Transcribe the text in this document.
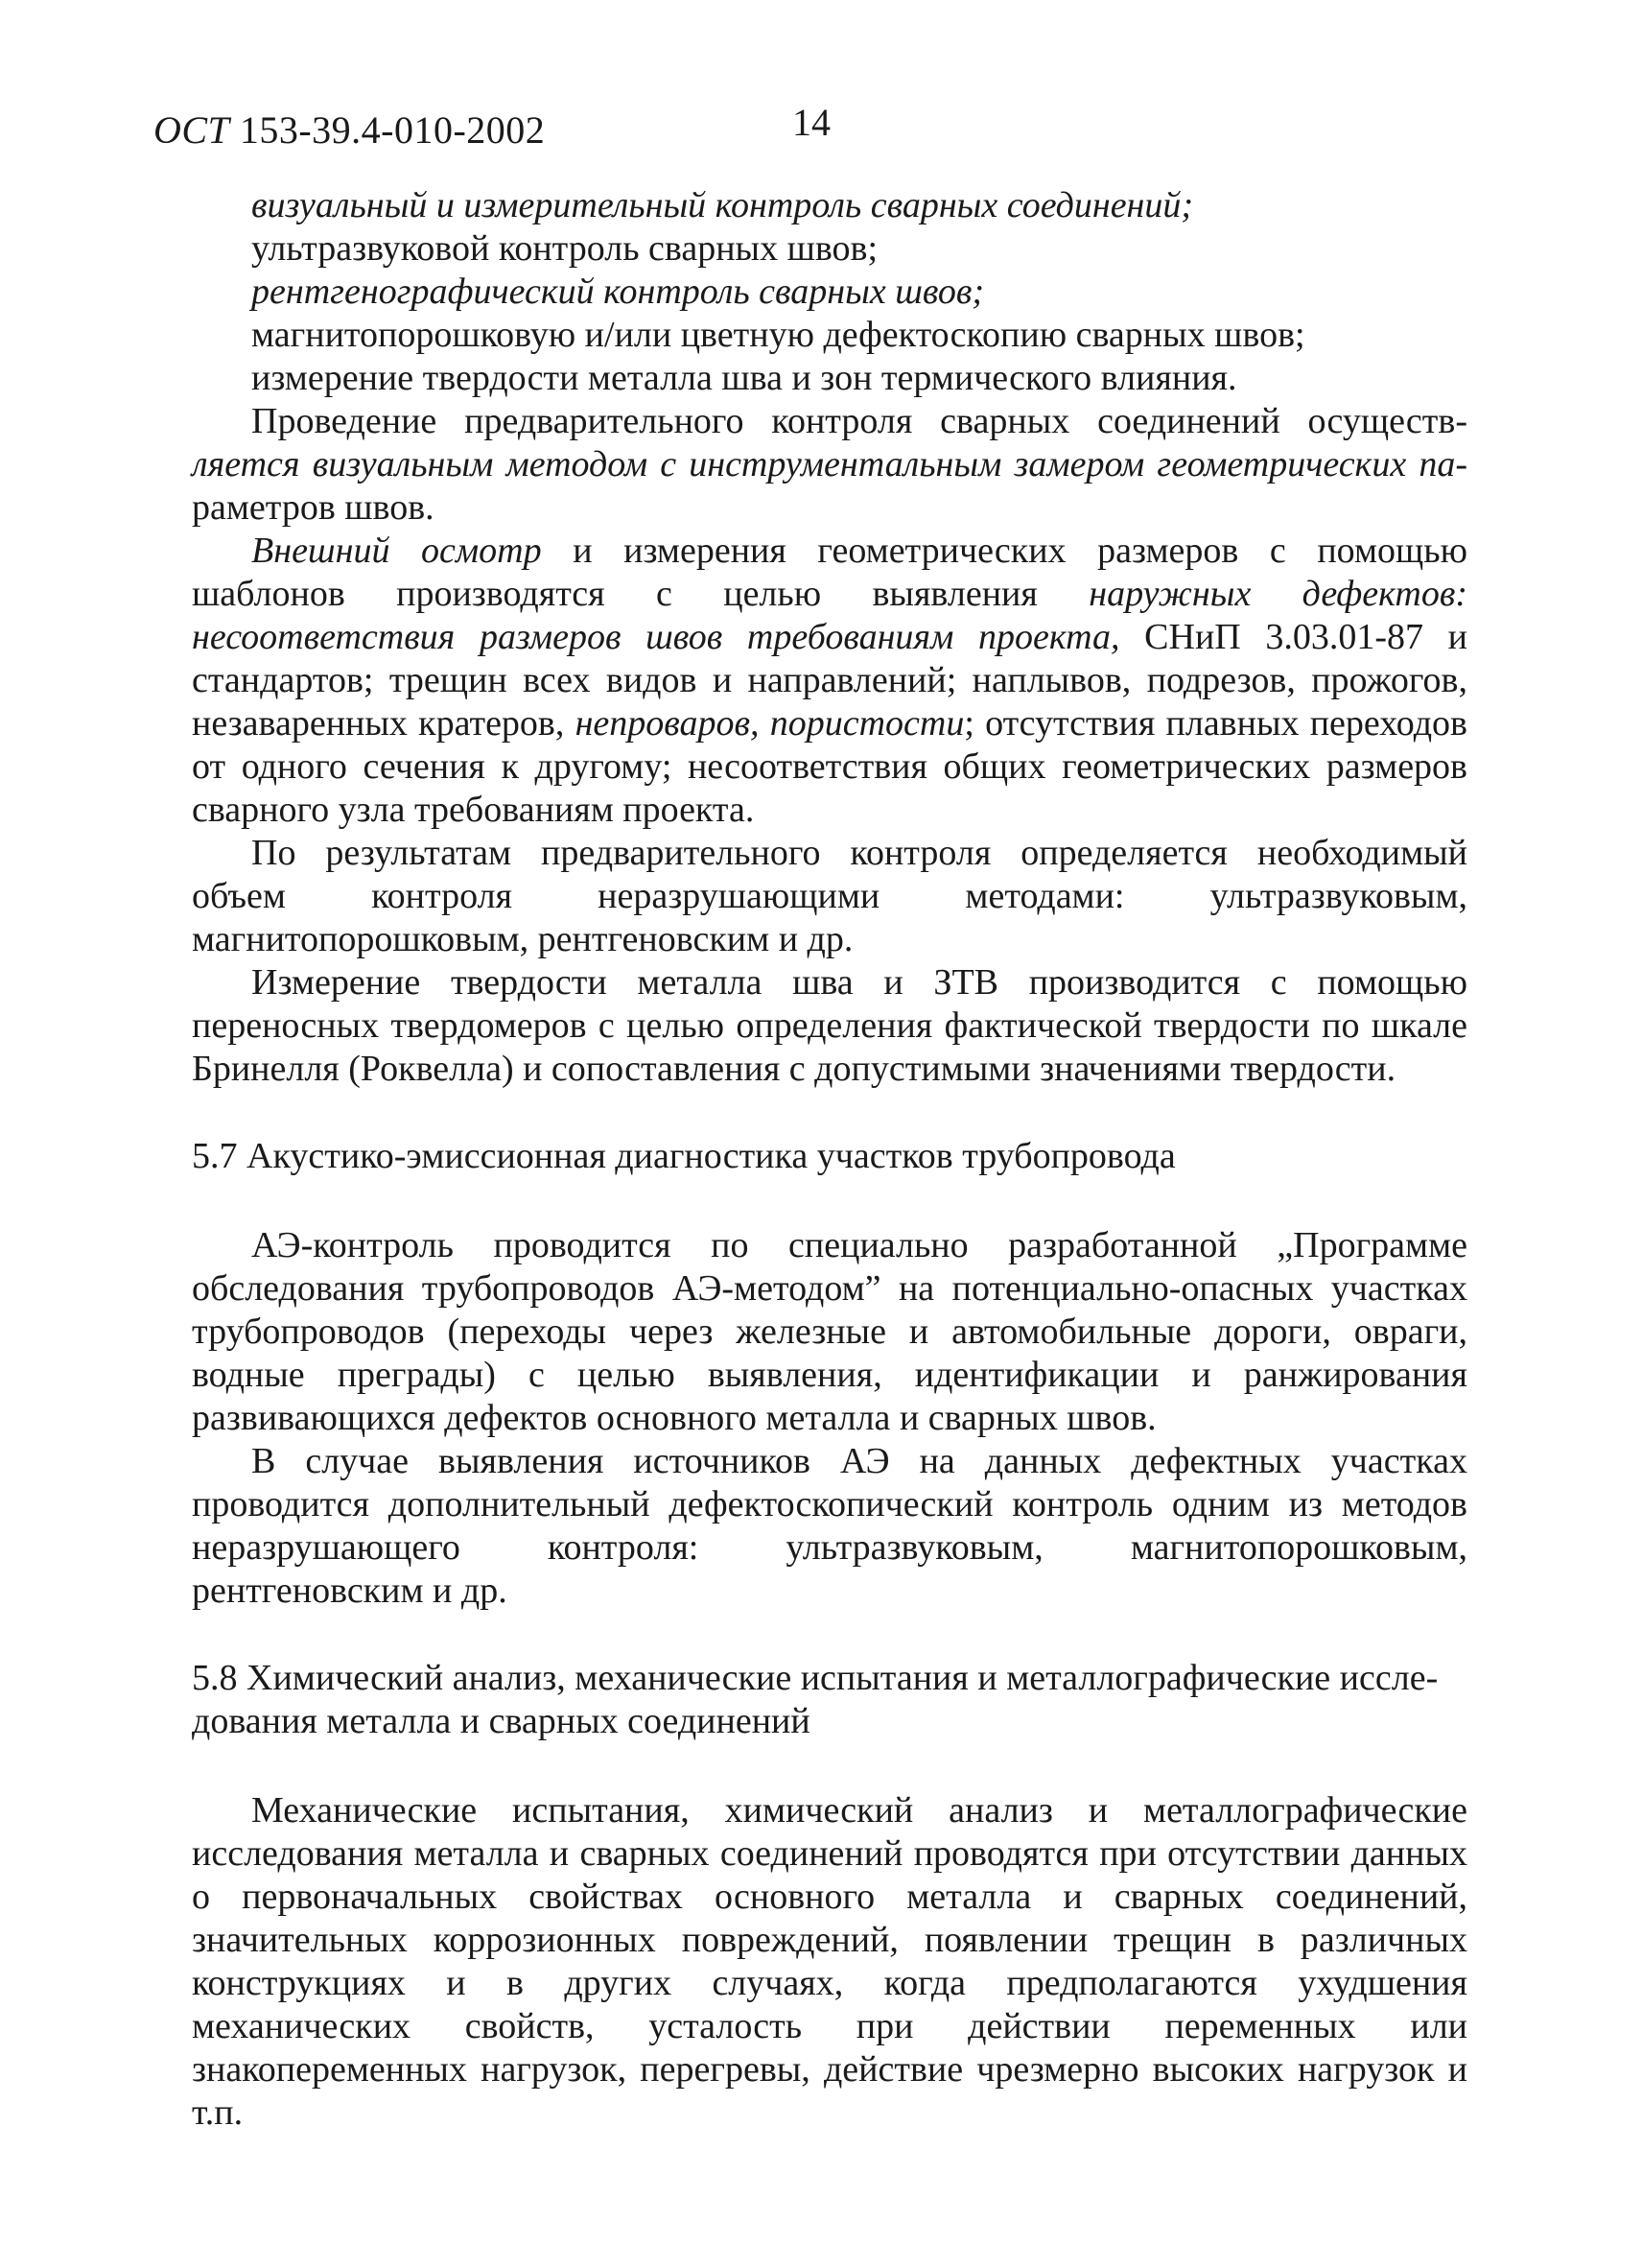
ОСТ 153-39.4-010-2002	14
визуальный и измерительный контроль сварных соединений;
ультразвуковой контроль сварных швов;
рентгенографический контроль сварных швов;
магнитопорошковую и/или цветную дефектоскопию сварных швов;
измерение твердости металла шва и зон термического влияния.

Проведение предварительного контроля сварных соединений осуществ-ляется визуальным методом с инструментальным замером геометрических па-раметров швов.

Внешний осмотр и измерения геометрических размеров с помощью шаблонов производятся с целью выявления наружных дефектов: несоответствия размеров швов требованиям проекта, СНиП 3.03.01-87 и стандартов; трещин всех видов и направлений; наплывов, подрезов, прожогов, незаваренных кратеров, непроваров, пористости; отсутствия плавных переходов от одного сечения к другому; несоответствия общих геометрических размеров сварного узла требованиям проекта.

По результатам предварительного контроля определяется необходимый объем контроля неразрушающими методами: ультразвуковым, магнитопорошковым, рентгеновским и др.

Измерение твердости металла шва и ЗТВ производится с помощью переносных твердомеров с целью определения фактической твердости по шкале Бринелля (Роквелла) и сопоставления с допустимыми значениями твердости.

5.7 Акустико-эмиссионная диагностика участков трубопровода

АЭ-контроль проводится по специально разработанной „Программе обследования трубопроводов АЭ-методом” на потенциально-опасных участках трубопроводов (переходы через железные и автомобильные дороги, овраги, водные преграды) с целью выявления, идентификации и ранжирования развивающихся дефектов основного металла и сварных швов.

В случае выявления источников АЭ на данных дефектных участках проводится дополнительный дефектоскопический контроль одним из методов неразрушающего контроля: ультразвуковым, магнитопорошковым, рентгеновским и др.

5.8 Химический анализ, механические испытания и металлографические иссле-
дования металла и сварных соединений

Механические испытания, химический анализ и металлографические исследования металла и сварных соединений проводятся при отсутствии данных о первоначальных свойствах основного металла и сварных соединений, значительных коррозионных повреждений, появлении трещин в различных конструкциях и в других случаях, когда предполагаются ухудшения механических свойств, усталость при действии переменных или знакопеременных нагрузок, перегревы, действие чрезмерно высоких нагрузок и т.п.
